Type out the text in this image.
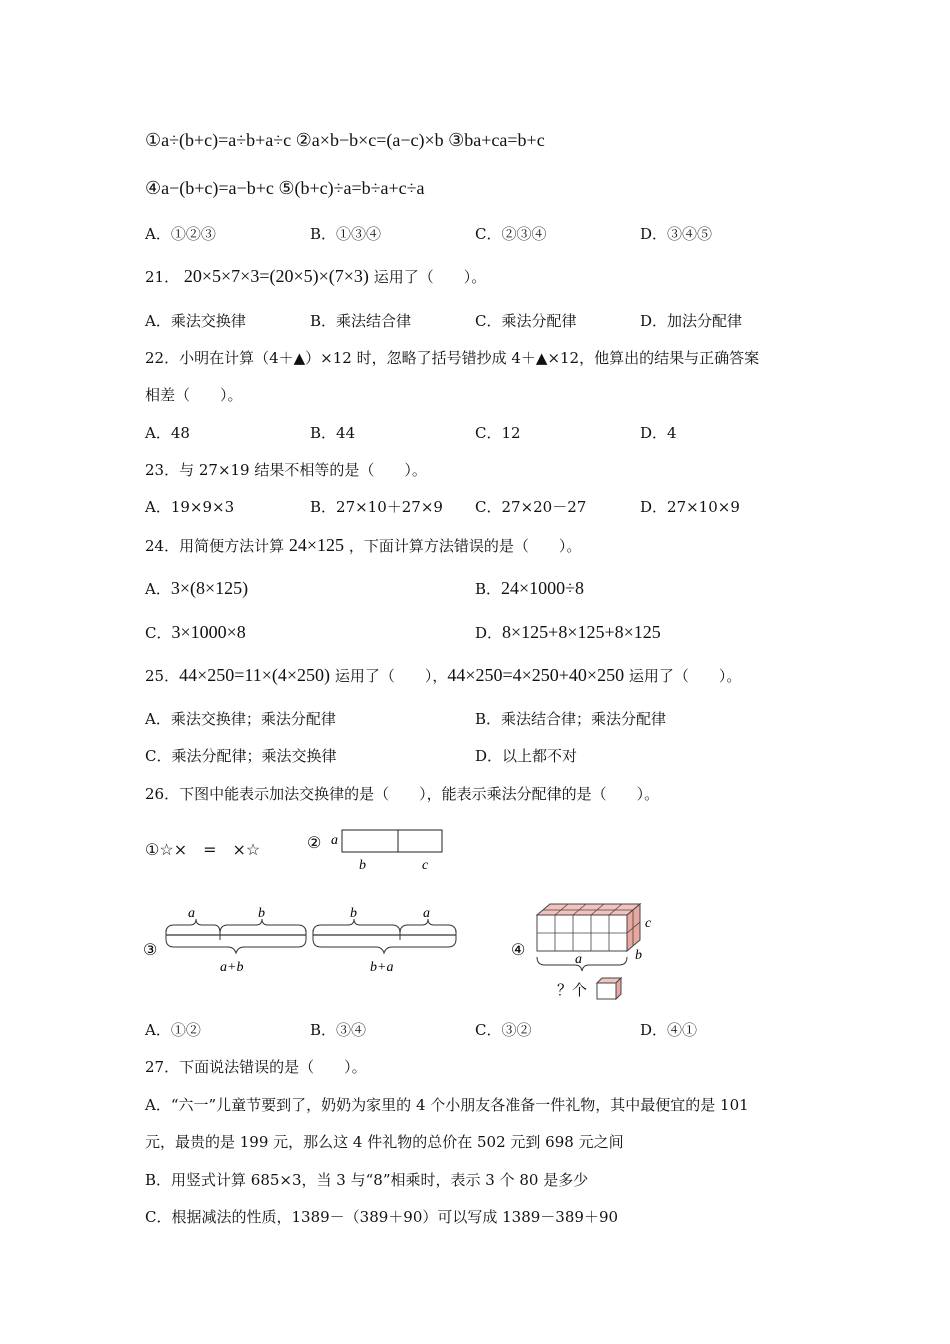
①a÷(b+c)=a÷b+a÷c ②a×b−b×c=(a−c)×b ③ba+ca=b+c
④a−(b+c)=a−b+c ⑤(b+c)÷a=b÷a+c÷a
A．①②③	B．①③④	C．②③④	D．③④⑤
21． 20×5×7×3=(20×5)×(7×3) 运用了（　　）。
A．乘法交换律	B．乘法结合律	C．乘法分配律	D．加法分配律
22．小明在计算（4＋▲）×12 时，忽略了括号错抄成 4＋▲×12，他算出的结果与正确答案
相差（　　）。
A．48	B．44	C．12	D．4
23．与 27×19 结果不相等的是（　　）。
A．19×9×3	B．27×10＋27×9 C．27×20－27	D．27×10×9
24．用简便方法计算 24×125 ，下面计算方法错误的是（　　）。
A．3×(8×125)	B．24×1000÷8
C．3×1000×8	D．8×125+8×125+8×125
25．44×250=11×(4×250) 运用了（　　），44×250=4×250+40×250 运用了（　　）。
A．乘法交换律；乘法分配律	B．乘法结合律；乘法分配律
C．乘法分配律；乘法交换律	D．以上都不对
26．下图中能表示加法交换律的是（　　），能表示乘法分配律的是（　　）。
①☆×　=　×☆	② a
b	c
③
a	b
a+b
b	a
b+a
④
c
b
a
？个
A．①②	B．③④	C．③②	D．④①
27．下面说法错误的是（　　）。
A．“六一”儿童节要到了，奶奶为家里的 4 个小朋友各准备一件礼物，其中最便宜的是 101
元，最贵的是 199 元，那么这 4 件礼物的总价在 502 元到 698 元之间
B．用竖式计算 685×3，当 3 与“8”相乘时，表示 3 个 80 是多少
C．根据减法的性质，1389－（389＋90）可以写成 1389－389＋90
